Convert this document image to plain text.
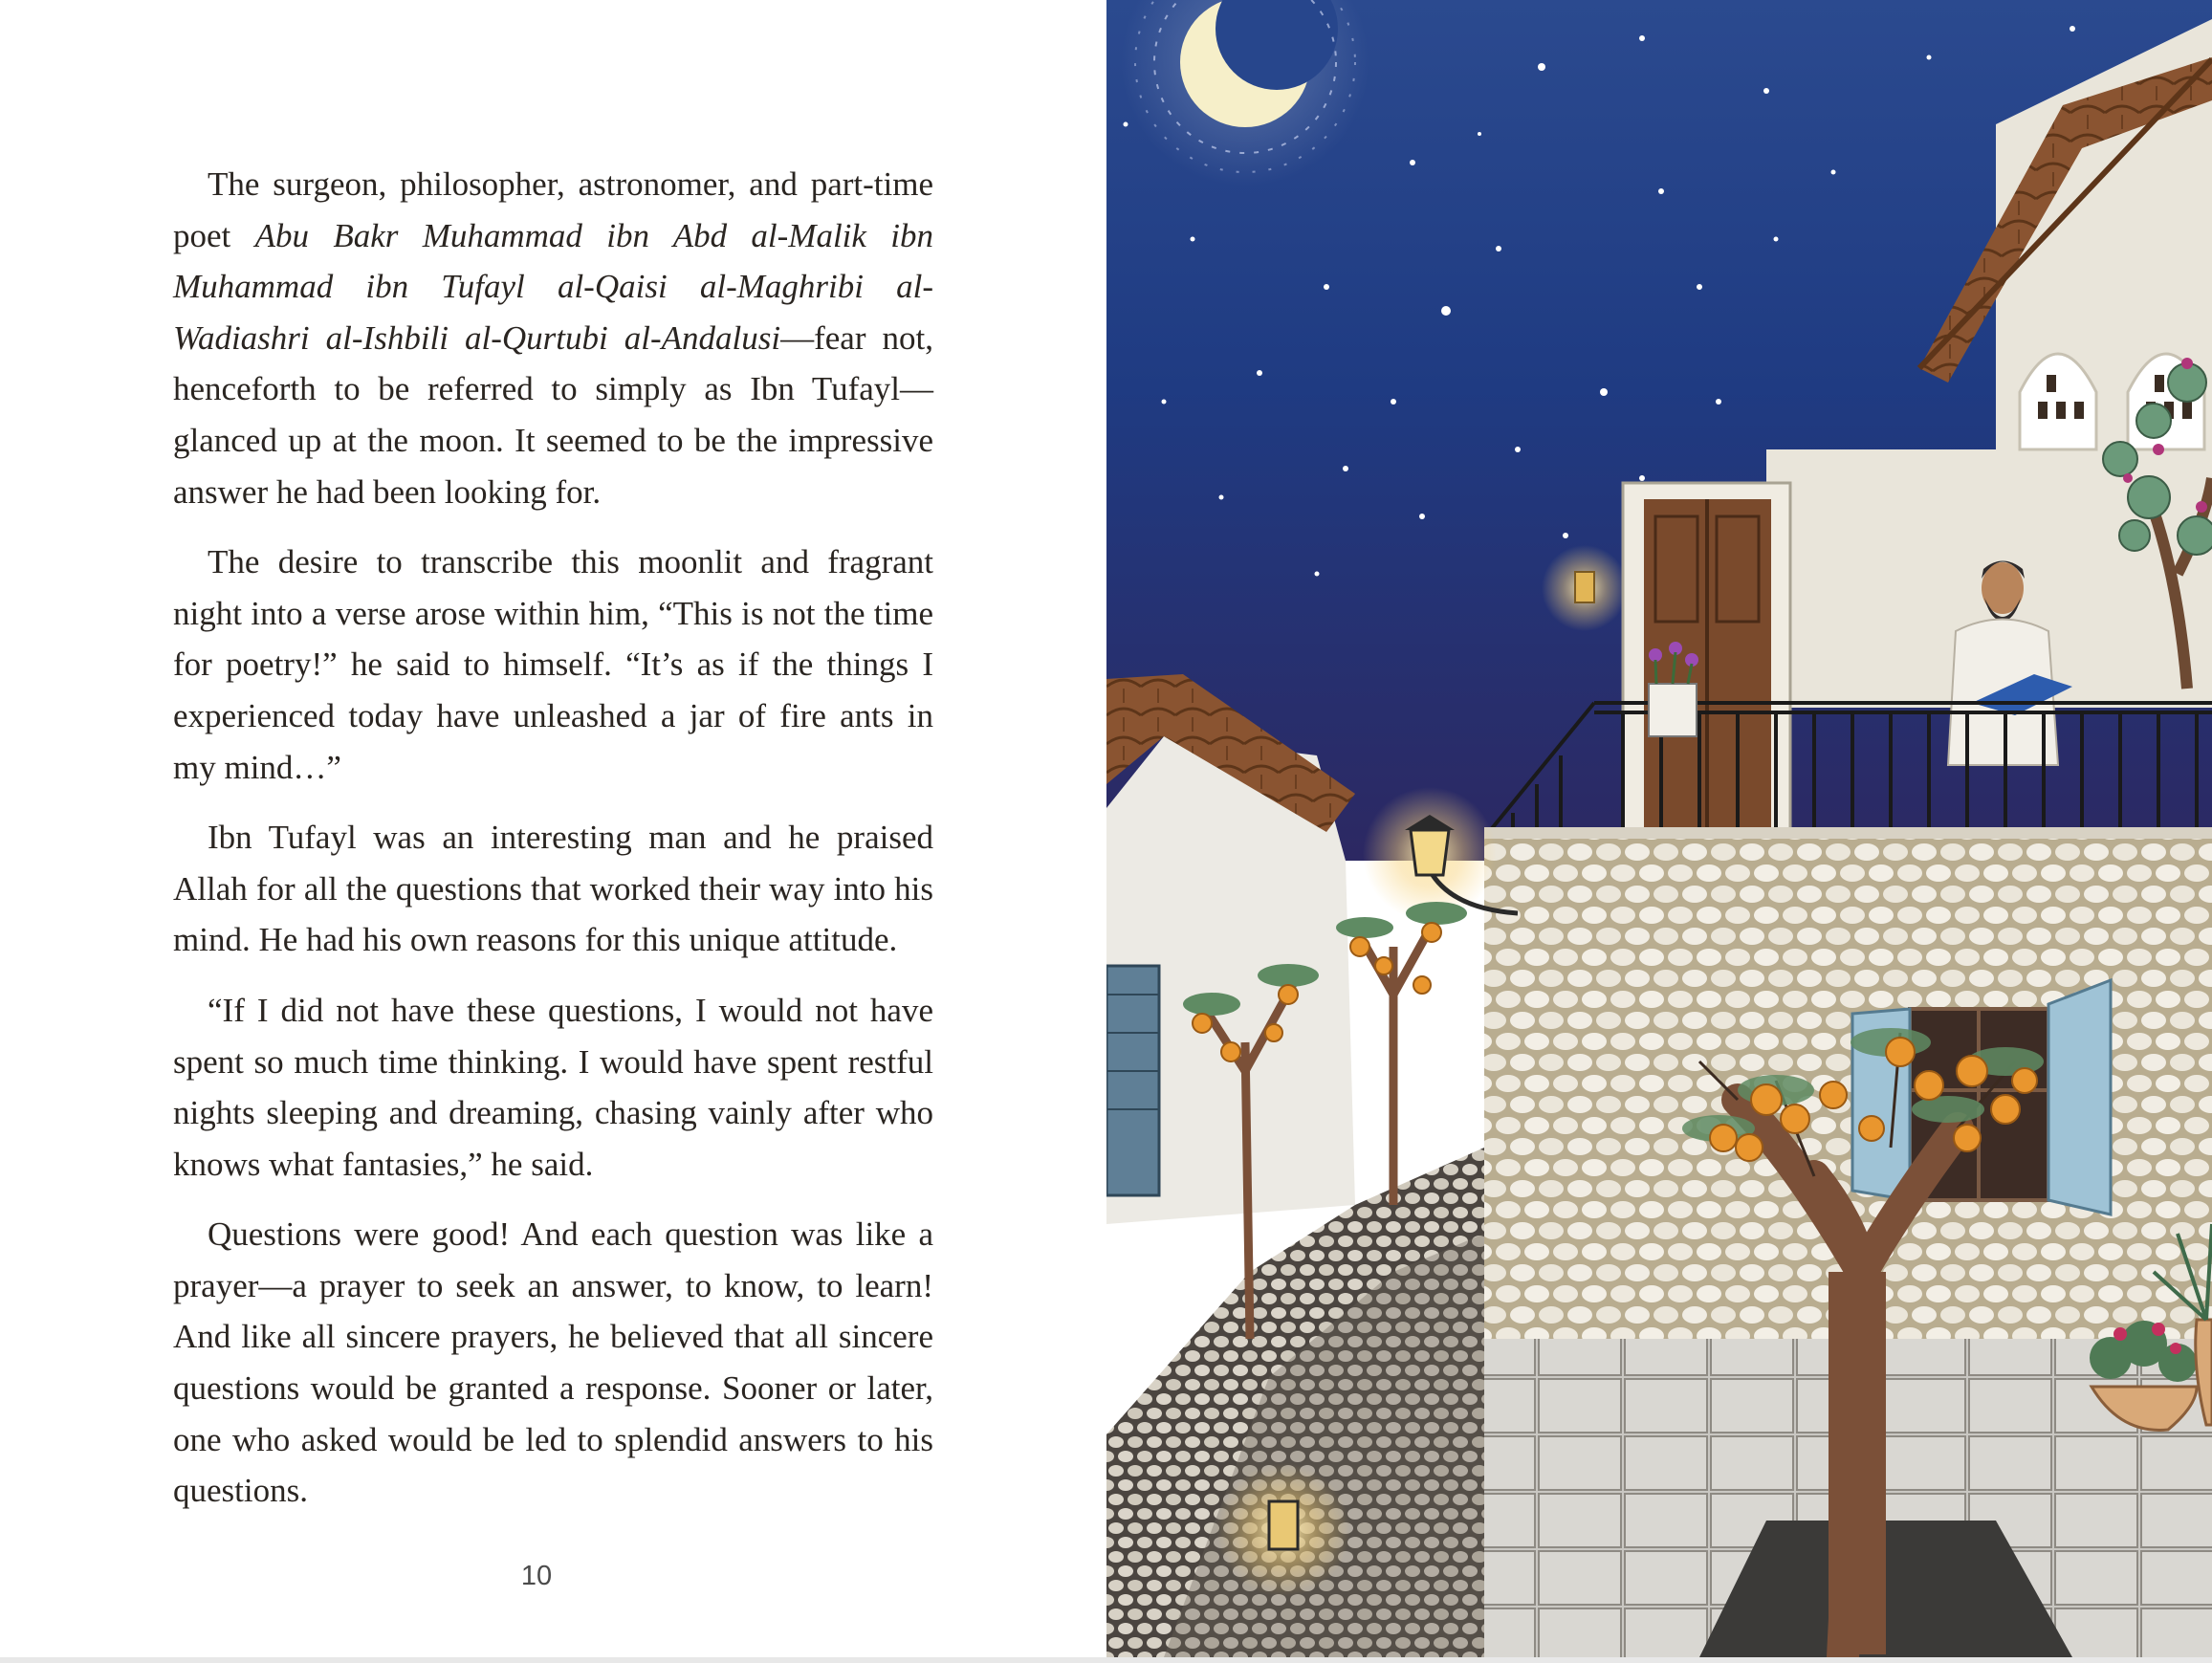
The surgeon, philosopher, astronomer, and part-time poet Abu Bakr Muhammad ibn Abd al-Malik ibn Muhammad ibn Tufayl al-Qaisi al-Maghribi al-Wadiashri al-Ishbili al-Qurtubi al-Andalusi—fear not, henceforth to be referred to simply as Ibn Tufayl—glanced up at the moon. It seemed to be the impressive answer he had been looking for.

The desire to transcribe this moonlit and fragrant night into a verse arose within him, “This is not the time for poetry!” he said to himself. “It’s as if the things I experienced today have unleashed a jar of fire ants in my mind…”

Ibn Tufayl was an interesting man and he praised Allah for all the questions that worked their way into his mind. He had his own reasons for this unique attitude.

“If I did not have these questions, I would not have spent so much time thinking. I would have spent restful nights sleeping and dreaming, chasing vainly after who knows what fantasies,” he said.

Questions were good! And each question was like a prayer—a prayer to seek an answer, to know, to learn! And like all sincere prayers, he believed that all sincere questions would be granted a response. Sooner or later, one who asked would be led to splendid answers to his questions.

10
